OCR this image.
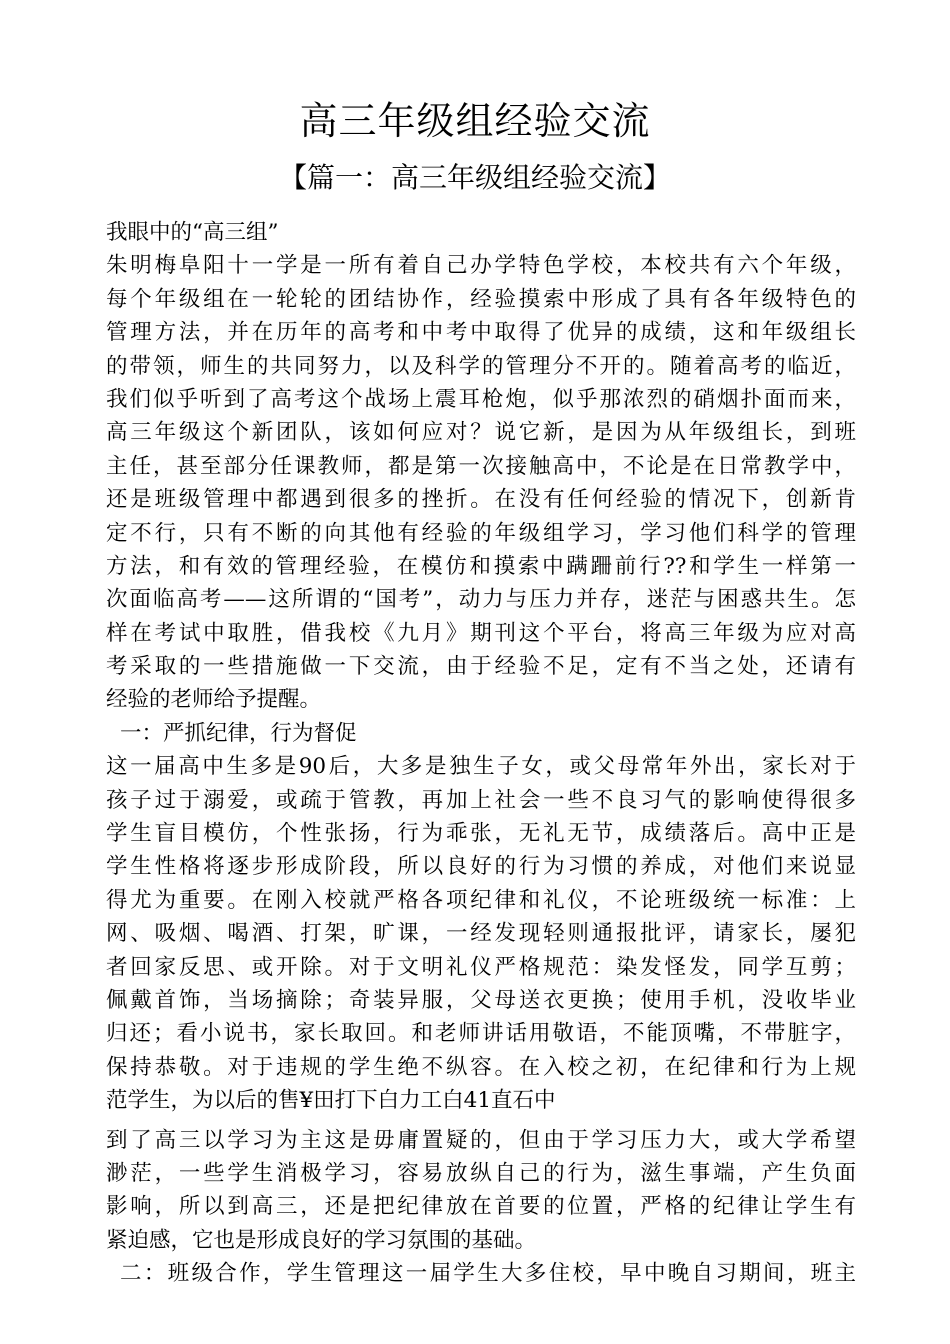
高三年级组经验交流
【篇一：高三年级组经验交流】
我眼中的“高三组”
朱明梅阜阳十一学是一所有着自己办学特色学校，本校共有六个年级，
每个年级组在一轮轮的团结协作，经验摸索中形成了具有各年级特色的
管理方法，并在历年的高考和中考中取得了优异的成绩，这和年级组长
的带领，师生的共同努力，以及科学的管理分不开的。随着高考的临近，
我们似乎听到了高考这个战场上震耳枪炮，似乎那浓烈的硝烟扑面而来，
高三年级这个新团队，该如何应对？说它新，是因为从年级组长，到班
主任，甚至部分任课教师，都是第一次接触高中，不论是在日常教学中，
还是班级管理中都遇到很多的挫折。在没有任何经验的情况下，创新肯
定不行，只有不断的向其他有经验的年级组学习，学习他们科学的管理
方法，和有效的管理经验，在模仿和摸索中蹒跚前行??和学生一样第一
次面临高考——这所谓的“国考”，动力与压力并存，迷茫与困惑共生。怎
样在考试中取胜，借我校《九月》期刊这个平台，将高三年级为应对高
考采取的一些措施做一下交流，由于经验不足，定有不当之处，还请有
经验的老师给予提醒。
一：严抓纪律，行为督促
这一届高中生多是90后，大多是独生子女，或父母常年外出，家长对于
孩子过于溺爱，或疏于管教，再加上社会一些不良习气的影响使得很多
学生盲目模仿，个性张扬，行为乖张，无礼无节，成绩落后。高中正是
学生性格将逐步形成阶段，所以良好的行为习惯的养成，对他们来说显
得尤为重要。在刚入校就严格各项纪律和礼仪，不论班级统一标准：上
网、吸烟、喝酒、打架，旷课，一经发现轻则通报批评，请家长，屡犯
者回家反思、或开除。对于文明礼仪严格规范：染发怪发，同学互剪；
佩戴首饰，当场摘除；奇装异服，父母送衣更换；使用手机，没收毕业
归还；看小说书，家长取回。和老师讲话用敬语，不能顶嘴，不带脏字，
保持恭敬。对于违规的学生绝不纵容。在入校之初，在纪律和行为上规
范学生，为以后的售¥田打下白力工白41直石中
到了高三以学习为主这是毋庸置疑的，但由于学习压力大，或大学希望
渺茫，一些学生消极学习，容易放纵自己的行为，滋生事端，产生负面
影响，所以到高三，还是把纪律放在首要的位置，严格的纪律让学生有
紧迫感，它也是形成良好的学习氛围的基础。
二：班级合作，学生管理这一届学生大多住校，早中晚自习期间，班主
